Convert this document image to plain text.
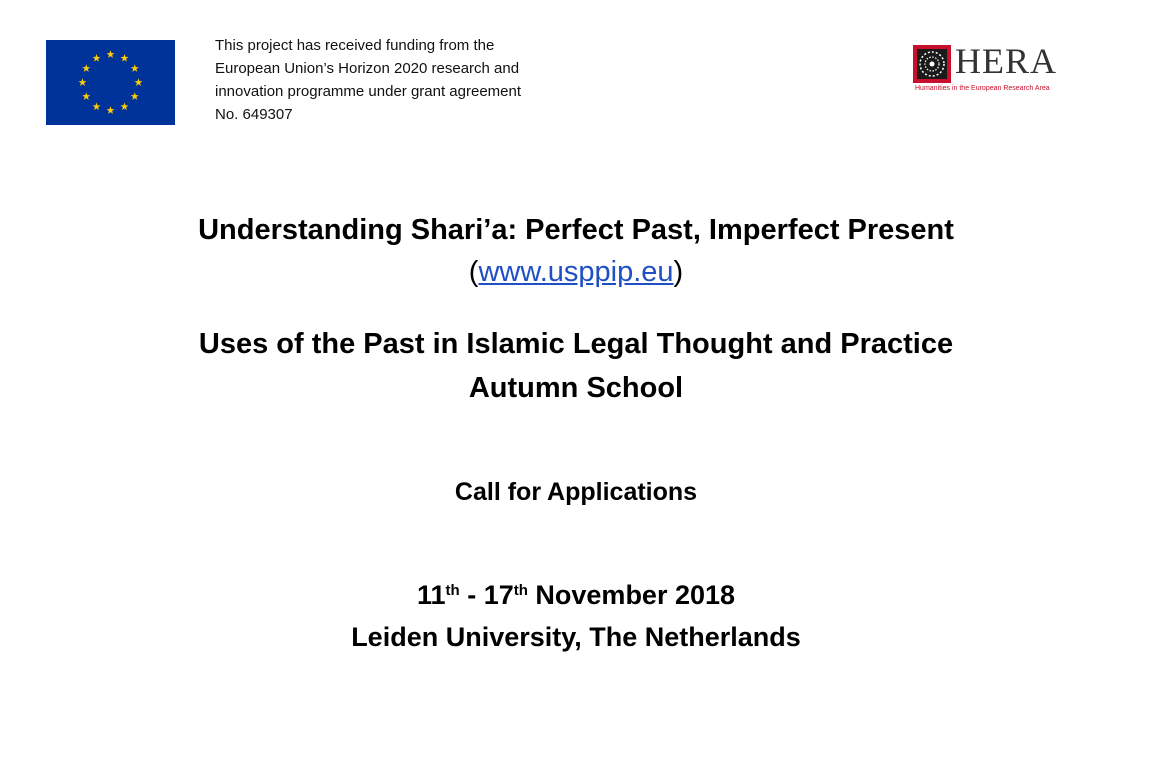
This project has received funding from the
European Union’s Horizon 2020 research and
innovation programme under grant agreement
No. 649307
HERA
Humanities in the European Research Area
Understanding Shari’a: Perfect Past, Imperfect Present
(www.usppip.eu)
Uses of the Past in Islamic Legal Thought and Practice
Autumn School
Call for Applications
11th - 17th November 2018
Leiden University, The Netherlands
